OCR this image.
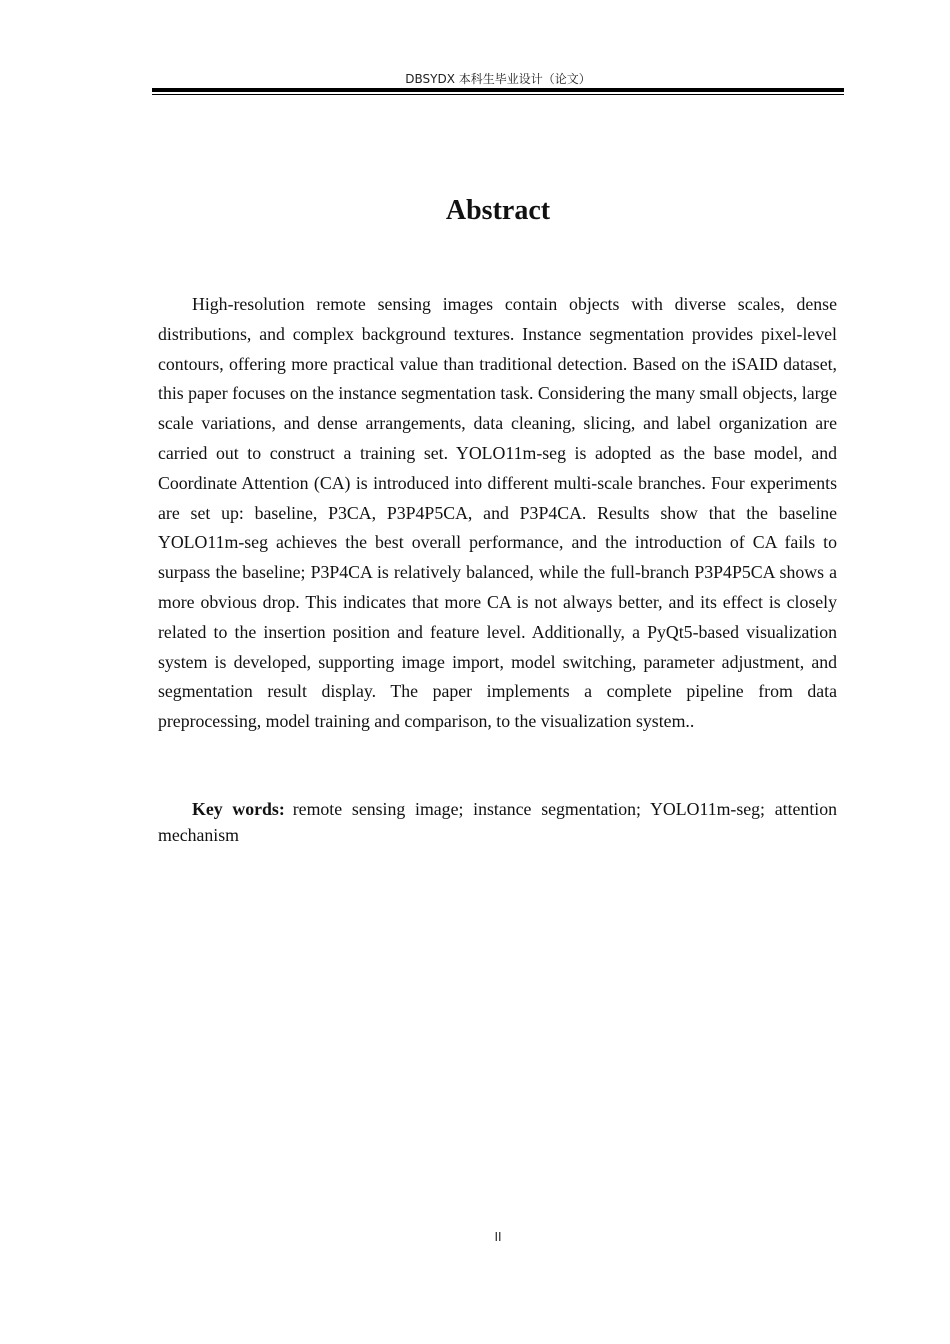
DBSYDX 本科生毕业设计（论文）
Abstract

High-resolution remote sensing images contain objects with diverse scales, dense distributions, and complex background textures. Instance segmentation provides pixel-level contours, offering more practical value than traditional detection. Based on the iSAID dataset, this paper focuses on the instance segmentation task. Considering the many small objects, large scale variations, and dense arrangements, data cleaning, slicing, and label organization are carried out to construct a training set. YOLO11m-seg is adopted as the base model, and Coordinate Attention (CA) is introduced into different multi-scale branches. Four experiments are set up: baseline, P3CA, P3P4P5CA, and P3P4CA. Results show that the baseline YOLO11m-seg achieves the best overall performance, and the introduction of CA fails to surpass the baseline; P3P4CA is relatively balanced, while the full-branch P3P4P5CA shows a more obvious drop. This indicates that more CA is not always better, and its effect is closely related to the insertion position and feature level. Additionally, a PyQt5-based visualization system is developed, supporting image import, model switching, parameter adjustment, and segmentation result display. The paper implements a complete pipeline from data preprocessing, model training and comparison, to the visualization system..

Key words: remote sensing image; instance segmentation; YOLO11m-seg; attention mechanism

II
